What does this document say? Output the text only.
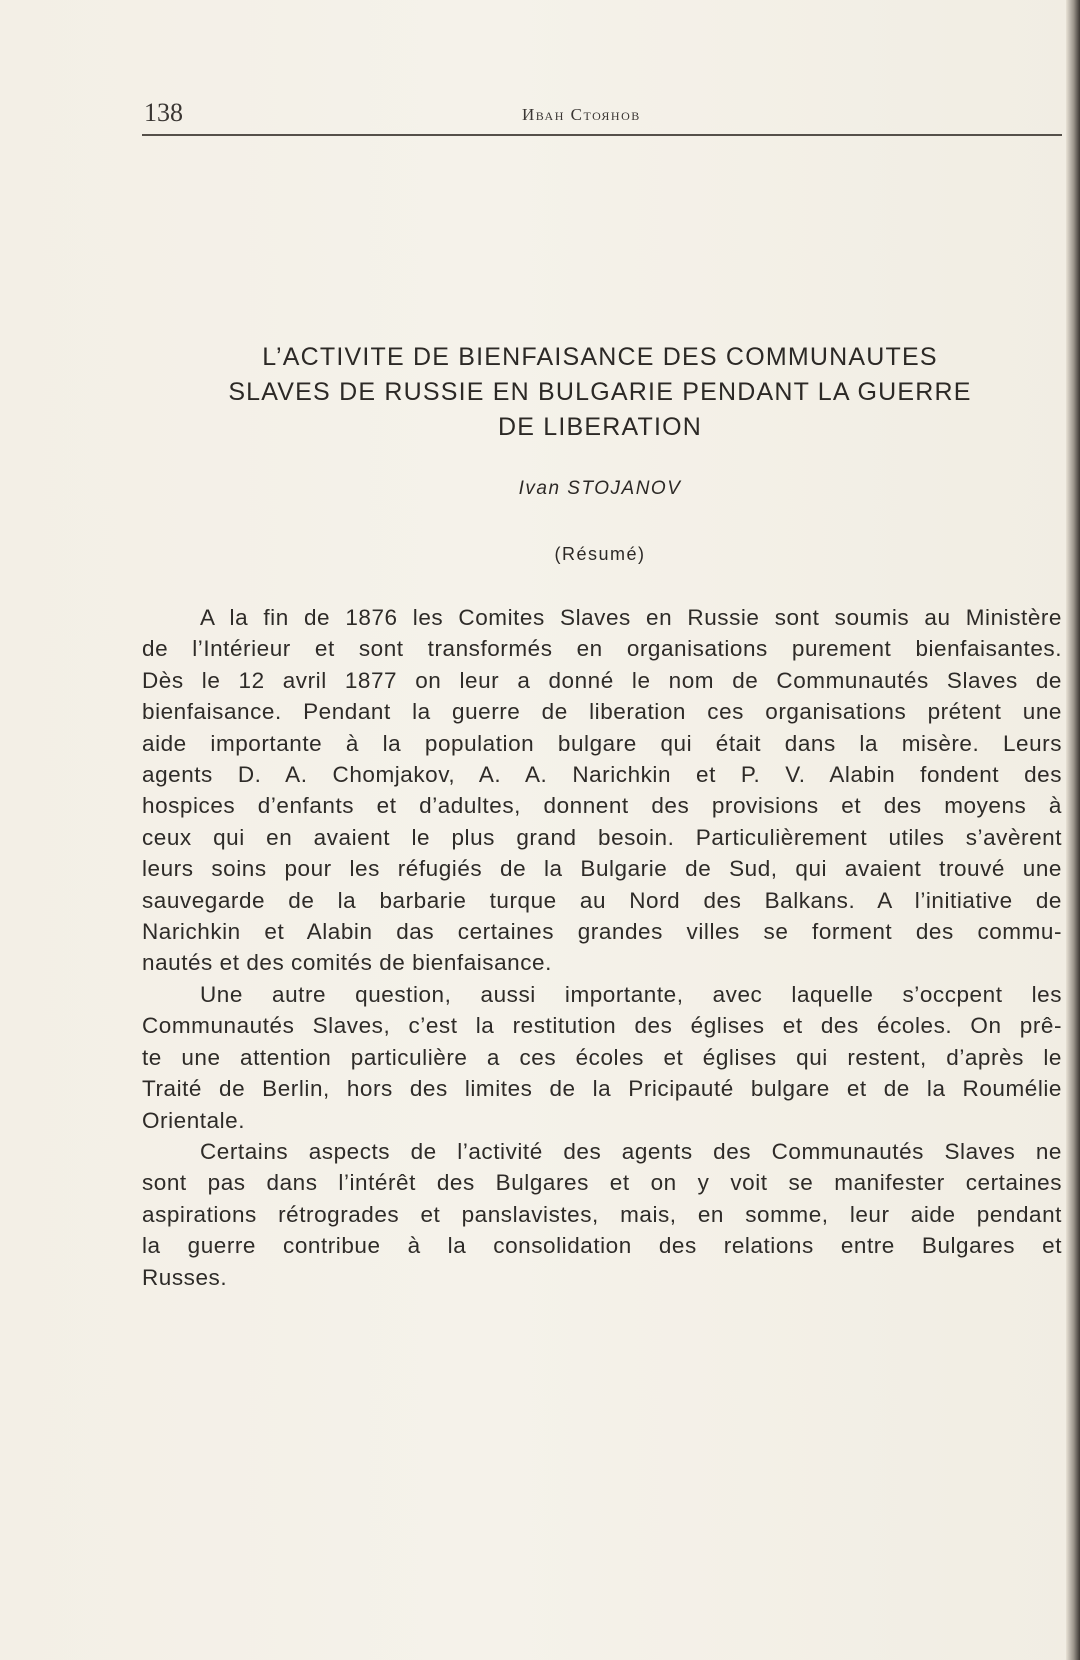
138	Иван Стоянов
L’ACTIVITE DE BIENFAISANCE DES COMMUNAUTES
SLAVES DE RUSSIE EN BULGARIE PENDANT LA GUERRE
DE LIBERATION
Ivan STOJANOV
(Résumé)
A la fin de 1876 les Comites Slaves en Russie sont soumis au Ministère
de l’Intérieur et sont transformés en organisations purement bienfaisantes.
Dès le 12 avril 1877 on leur a donné le nom de Communautés Slaves de
bienfaisance. Pendant la guerre de liberation ces organisations prétent une
aide importante à la population bulgare qui était dans la misère. Leurs
agents D. A. Chomjakov, A. A. Narichkin et P. V. Alabin fondent des
hospices d’enfants et d’adultes, donnent des provisions et des moyens à
ceux qui en avaient le plus grand besoin. Particulièrement utiles s’avèrent
leurs soins pour les réfugiés de la Bulgarie de Sud, qui avaient trouvé une
sauvegarde de la barbarie turque au Nord des Balkans. A l’initiative de
Narichkin et Alabin das certaines grandes villes se forment des commu-
nautés et des comités de bienfaisance.
Une autre question, aussi importante, avec laquelle s’occpent les
Communautés Slaves, c’est la restitution des églises et des écoles. On prê-
te une attention particulière a ces écoles et églises qui restent, d’après le
Traité de Berlin, hors des limites de la Pricipauté bulgare et de la Roumélie
Orientale.
Certains aspects de l’activité des agents des Communautés Slaves ne
sont pas dans l’intérêt des Bulgares et on y voit se manifester certaines
aspirations rétrogrades et panslavistes, mais, en somme, leur aide pendant
la guerre contribue à la consolidation des relations entre Bulgares et
Russes.
